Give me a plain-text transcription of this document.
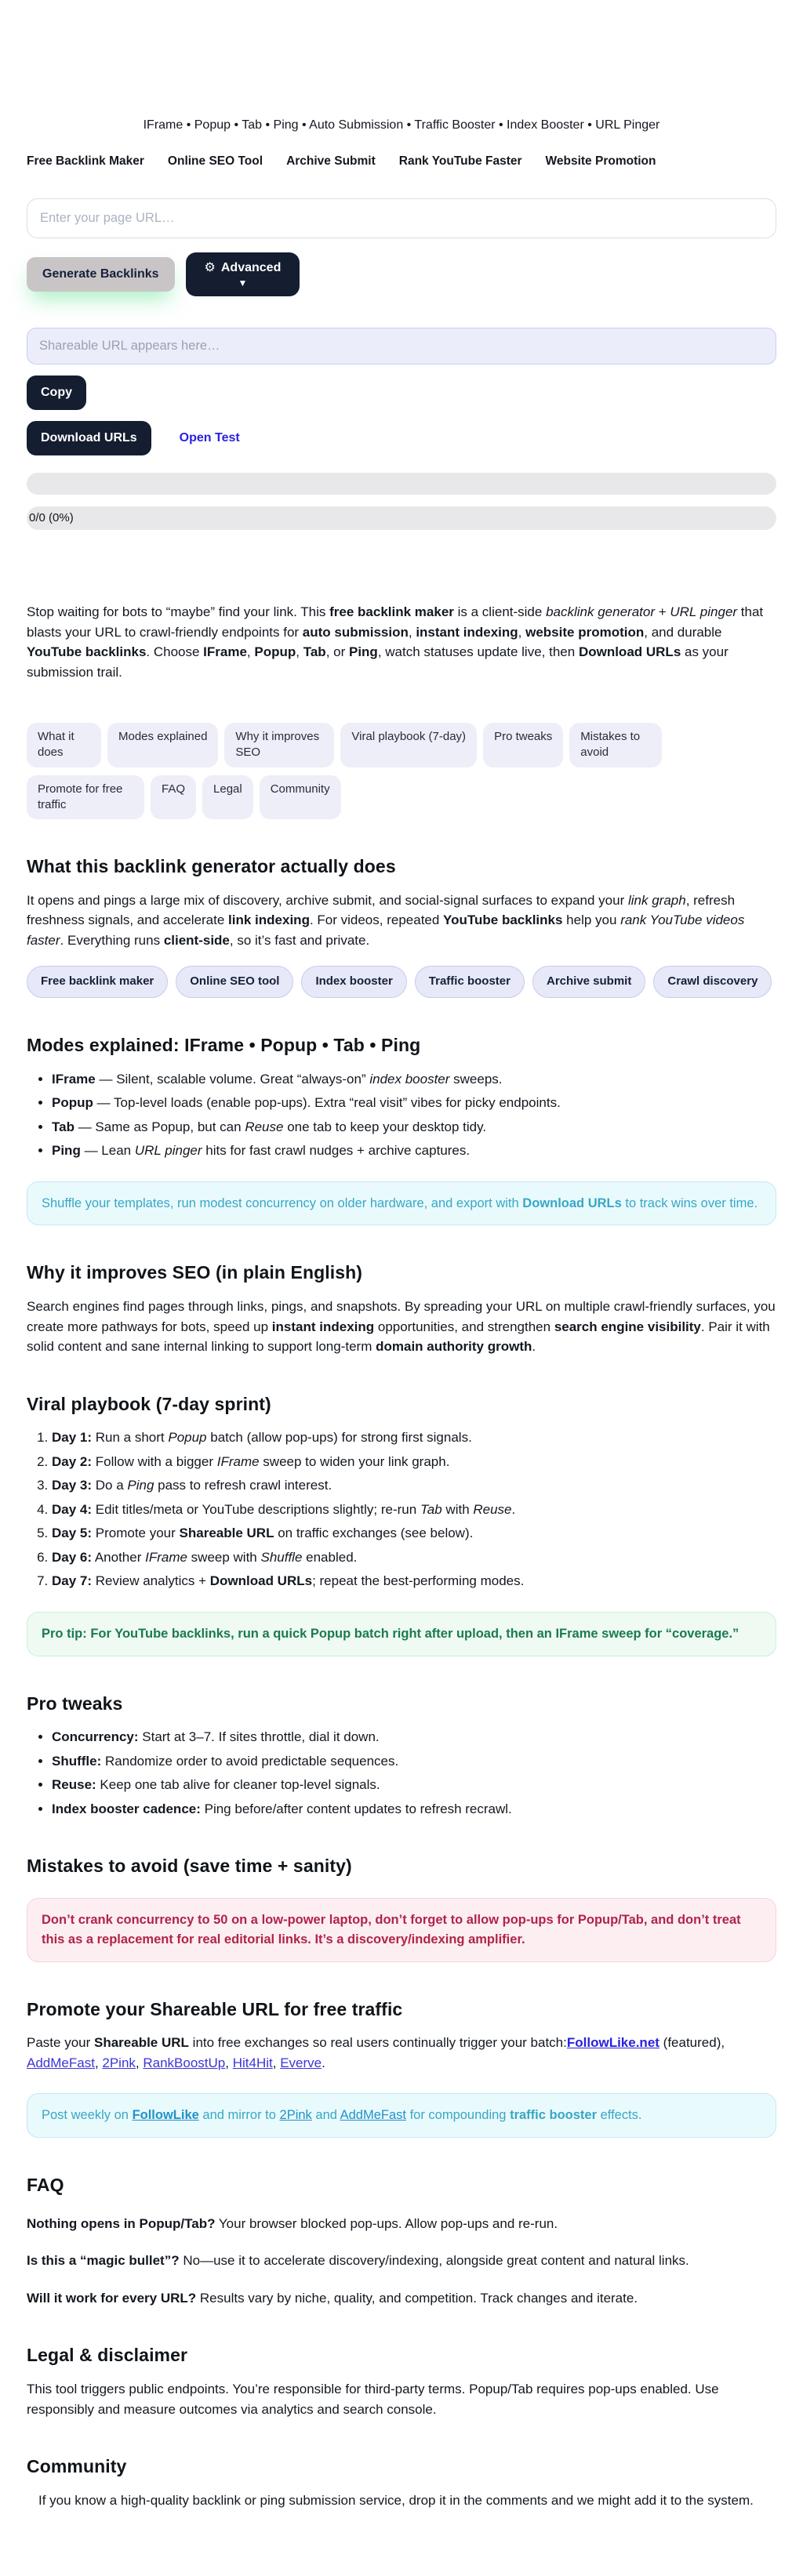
IFrame • Popup • Tab • Ping • Auto Submission • Traffic Booster • Index Booster • URL Pinger
Free Backlink Maker Online SEO Tool Archive Submit Rank YouTube Faster Website Promotion
Enter your page URL…
Generate Backlinks	⚙ Advanced
▼
Shareable URL appears here…
Copy
Download URLs	Open Test
0/0 (0%)

Stop waiting for bots to “maybe” find your link. This free backlink maker is a client-side backlink generator + URL pinger that blasts your URL to crawl-friendly endpoints for auto submission, instant indexing, website promotion, and durable YouTube backlinks. Choose IFrame, Popup, Tab, or Ping, watch statuses update live, then Download URLs as your submission trail.

What it does
Modes explained	Why it improves SEO
Viral playbook (7-day)	Pro tweaks	Mistakes to avoid
Promote for free traffic
FAQ	Legal	Community
What this backlink generator actually does

It opens and pings a large mix of discovery, archive submit, and social-signal surfaces to expand your link graph, refresh freshness signals, and accelerate link indexing. For videos, repeated YouTube backlinks help you rank YouTube videos faster. Everything runs client-side, so it’s fast and private.

Free backlink maker	Online SEO tool	Index booster	Traffic booster	Archive submit	Crawl discovery
Modes explained: IFrame • Popup • Tab • Ping
• IFrame — Silent, scalable volume. Great “always-on” index booster sweeps.
• Popup — Top-level loads (enable pop-ups). Extra “real visit” vibes for picky endpoints.
• Tab — Same as Popup, but can Reuse one tab to keep your desktop tidy.
• Ping — Lean URL pinger hits for fast crawl nudges + archive captures.
Shuffle your templates, run modest concurrency on older hardware, and export with Download URLs to track wins over time.
Why it improves SEO (in plain English)

Search engines find pages through links, pings, and snapshots. By spreading your URL on multiple crawl-friendly surfaces, you create more pathways for bots, speed up instant indexing opportunities, and strengthen search engine visibility. Pair it with solid content and sane internal linking to support long-term domain authority growth.

Viral playbook (7-day sprint)
1. Day 1: Run a short Popup batch (allow pop-ups) for strong first signals.
2. Day 2: Follow with a bigger IFrame sweep to widen your link graph.
3. Day 3: Do a Ping pass to refresh crawl interest.
4. Day 4: Edit titles/meta or YouTube descriptions slightly; re-run Tab with Reuse.
5. Day 5: Promote your Shareable URL on traffic exchanges (see below).
6. Day 6: Another IFrame sweep with Shuffle enabled.
7. Day 7: Review analytics + Download URLs; repeat the best-performing modes.
Pro tip: For YouTube backlinks, run a quick Popup batch right after upload, then an IFrame sweep for “coverage.”
Pro tweaks
• Concurrency: Start at 3–7. If sites throttle, dial it down.
• Shuffle: Randomize order to avoid predictable sequences.
• Reuse: Keep one tab alive for cleaner top-level signals.
• Index booster cadence: Ping before/after content updates to refresh recrawl.
Mistakes to avoid (save time + sanity)
Don’t crank concurrency to 50 on a low-power laptop, don’t forget to allow pop-ups for Popup/Tab, and don’t treat this as a replacement for real editorial links. It’s a discovery/indexing amplifier.
Promote your Shareable URL for free traffic

Paste your Shareable URL into free exchanges so real users continually trigger your batch:FollowLike.net (featured), AddMeFast, 2Pink, RankBoostUp, Hit4Hit, Everve.

Post weekly on FollowLike and mirror to 2Pink and AddMeFast for compounding traffic booster effects.
FAQ

Nothing opens in Popup/Tab? Your browser blocked pop-ups. Allow pop-ups and re-run.

Is this a “magic bullet”? No—use it to accelerate discovery/indexing, alongside great content and natural links.

Will it work for every URL? Results vary by niche, quality, and competition. Track changes and iterate.

Legal & disclaimer

This tool triggers public endpoints. You’re responsible for third-party terms. Popup/Tab requires pop-ups enabled. Use responsibly and measure outcomes via analytics and search console.

Community

If you know a high-quality backlink or ping submission service, drop it in the comments and we might add it to the system.
